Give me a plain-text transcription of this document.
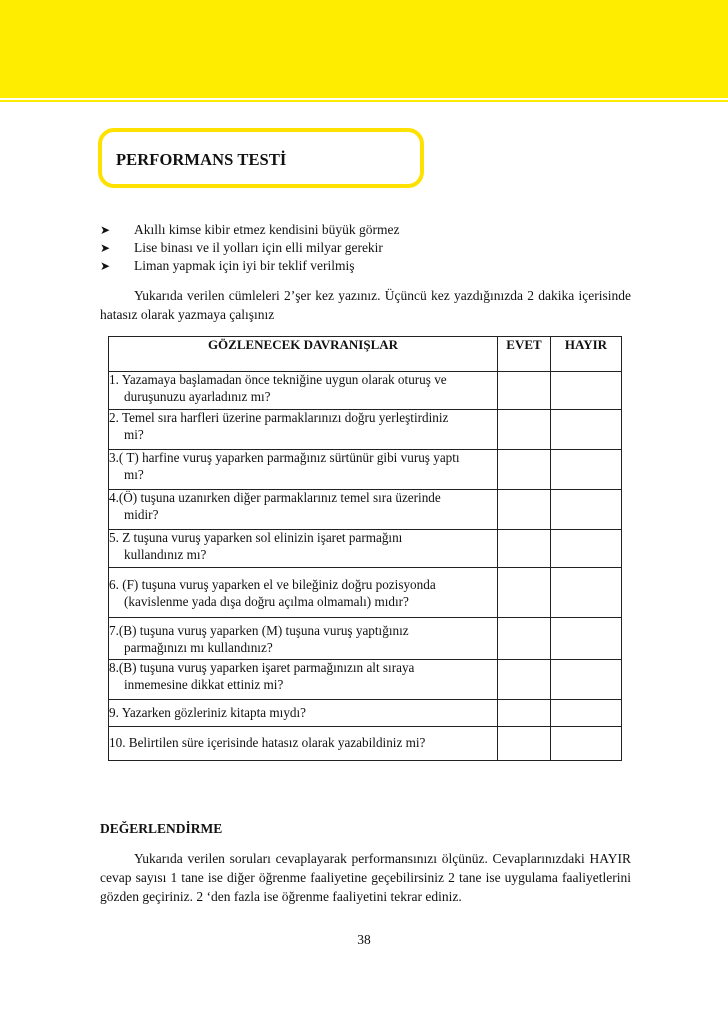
PERFORMANS TESTİ
➤ Akıllı kimse kibir etmez kendisini büyük görmez
➤ Lise binası ve il yolları için elli milyar gerekir
➤ Liman yapmak için iyi bir teklif verilmiş
Yukarıda verilen cümleleri 2’şer kez yazınız. Üçüncü kez yazdığınızda 2 dakika içerisinde hatasız olarak yazmaya çalışınız
GÖZLENECEK DAVRANIŞLAR	EVET	HAYIR

1. Yazamaya başlamadan önce tekniğine uygun olarak oturuş ve
duruşunuzu ayarladınız mı?		

2. Temel sıra harfleri üzerine parmaklarınızı doğru yerleştirdiniz
mi?		

3.( T) harfine vuruş yaparken parmağınız sürtünür gibi vuruş yaptı
mı?		

4.(Ö) tuşuna uzanırken diğer parmaklarınız temel sıra üzerinde
midir?		

5. Z tuşuna vuruş yaparken sol elinizin işaret parmağını
kullandınız mı?		

6. (F) tuşuna vuruş yaparken el ve bileğiniz doğru pozisyonda
(kavislenme yada dışa doğru açılma olmamalı) mıdır?		

7.(B) tuşuna vuruş yaparken (M) tuşuna vuruş yaptığınız
parmağınızı mı kullandınız?		

8.(B) tuşuna vuruş yaparken işaret parmağınızın alt sıraya
inmemesine dikkat ettiniz mi?		

9. Yazarken gözleriniz kitapta mıydı?		

10. Belirtilen süre içerisinde hatasız olarak yazabildiniz mi?		

DEĞERLENDİRME
Yukarıda verilen soruları cevaplayarak performansınızı ölçünüz. Cevaplarınızdaki HAYIR cevap sayısı 1 tane ise diğer öğrenme faaliyetine geçebilirsiniz 2 tane ise uygulama faaliyetlerini gözden geçiriniz. 2 ‘den fazla ise öğrenme faaliyetini tekrar ediniz.
38
